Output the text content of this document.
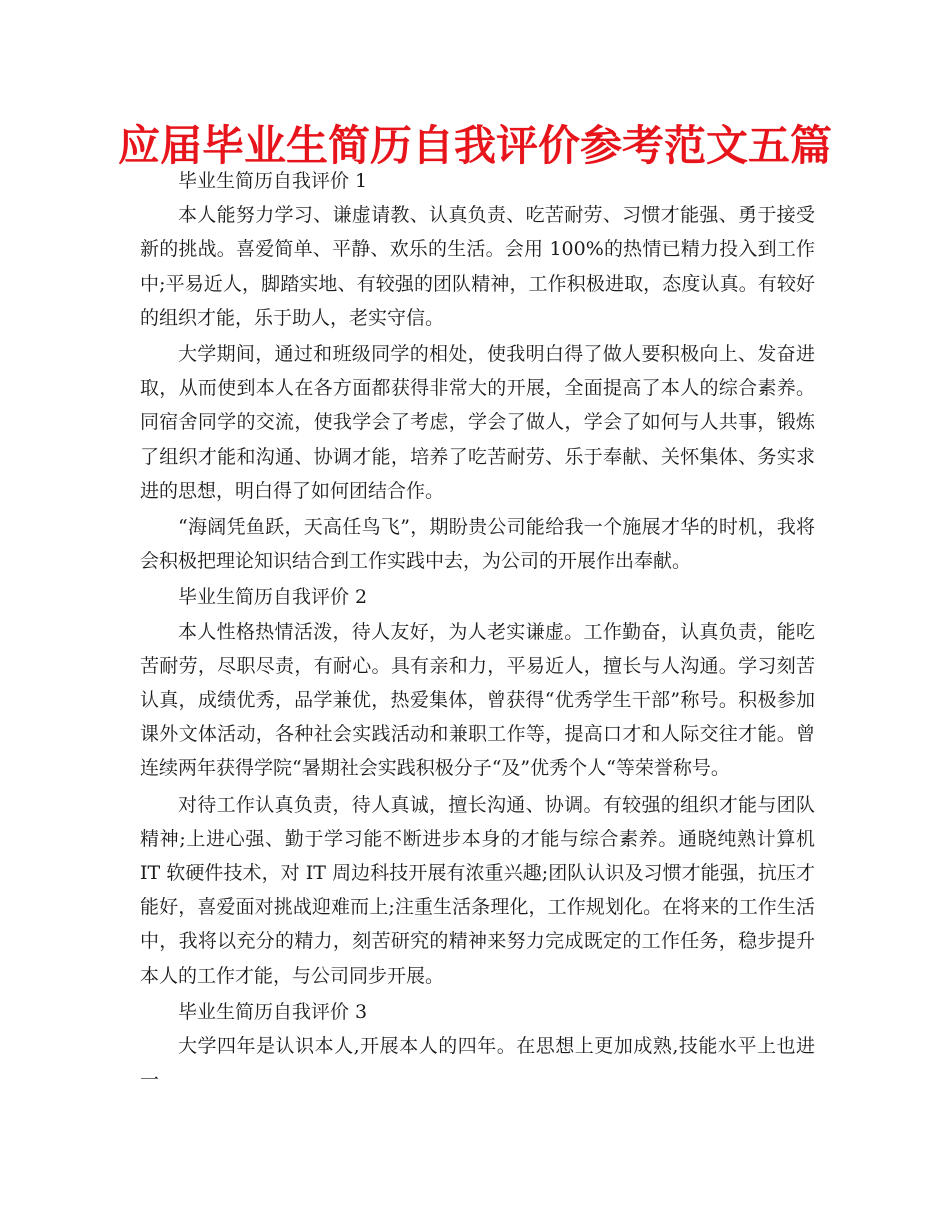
应届毕业生简历自我评价参考范文五篇

毕业生简历自我评价 1

本人能努力学习、谦虚请教、认真负责、吃苦耐劳、习惯才能强、勇于接受新的挑战。喜爱简单、平静、欢乐的生活。会用 100%的热情已精力投入到工作中;平易近人，脚踏实地、有较强的团队精神，工作积极进取，态度认真。有较好的组织才能，乐于助人，老实守信。

大学期间，通过和班级同学的相处，使我明白得了做人要积极向上、发奋进取，从而使到本人在各方面都获得非常大的开展，全面提高了本人的综合素养。同宿舍同学的交流，使我学会了考虑，学会了做人，学会了如何与人共事，锻炼了组织才能和沟通、协调才能，培养了吃苦耐劳、乐于奉献、关怀集体、务实求进的思想，明白得了如何团结合作。

“海阔凭鱼跃，天高任鸟飞”，期盼贵公司能给我一个施展才华的时机，我将会积极把理论知识结合到工作实践中去，为公司的开展作出奉献。

毕业生简历自我评价 2

本人性格热情活泼，待人友好，为人老实谦虚。工作勤奋，认真负责，能吃苦耐劳，尽职尽责，有耐心。具有亲和力，平易近人，擅长与人沟通。学习刻苦认真，成绩优秀，品学兼优，热爱集体，曾获得“优秀学生干部”称号。积极参加课外文体活动，各种社会实践活动和兼职工作等，提高口才和人际交往才能。曾连续两年获得学院“暑期社会实践积极分子“及”优秀个人“等荣誉称号。

对待工作认真负责，待人真诚，擅长沟通、协调。有较强的组织才能与团队精神;上进心强、勤于学习能不断进步本身的才能与综合素养。通晓纯熟计算机 IT 软硬件技术，对 IT 周边科技开展有浓重兴趣;团队认识及习惯才能强，抗压才能好，喜爱面对挑战迎难而上;注重生活条理化，工作规划化。在将来的工作生活中，我将以充分的精力，刻苦研究的精神来努力完成既定的工作任务，稳步提升本人的工作才能，与公司同步开展。

毕业生简历自我评价 3

大学四年是认识本人,开展本人的四年。在思想上更加成熟,技能水平上也进一
